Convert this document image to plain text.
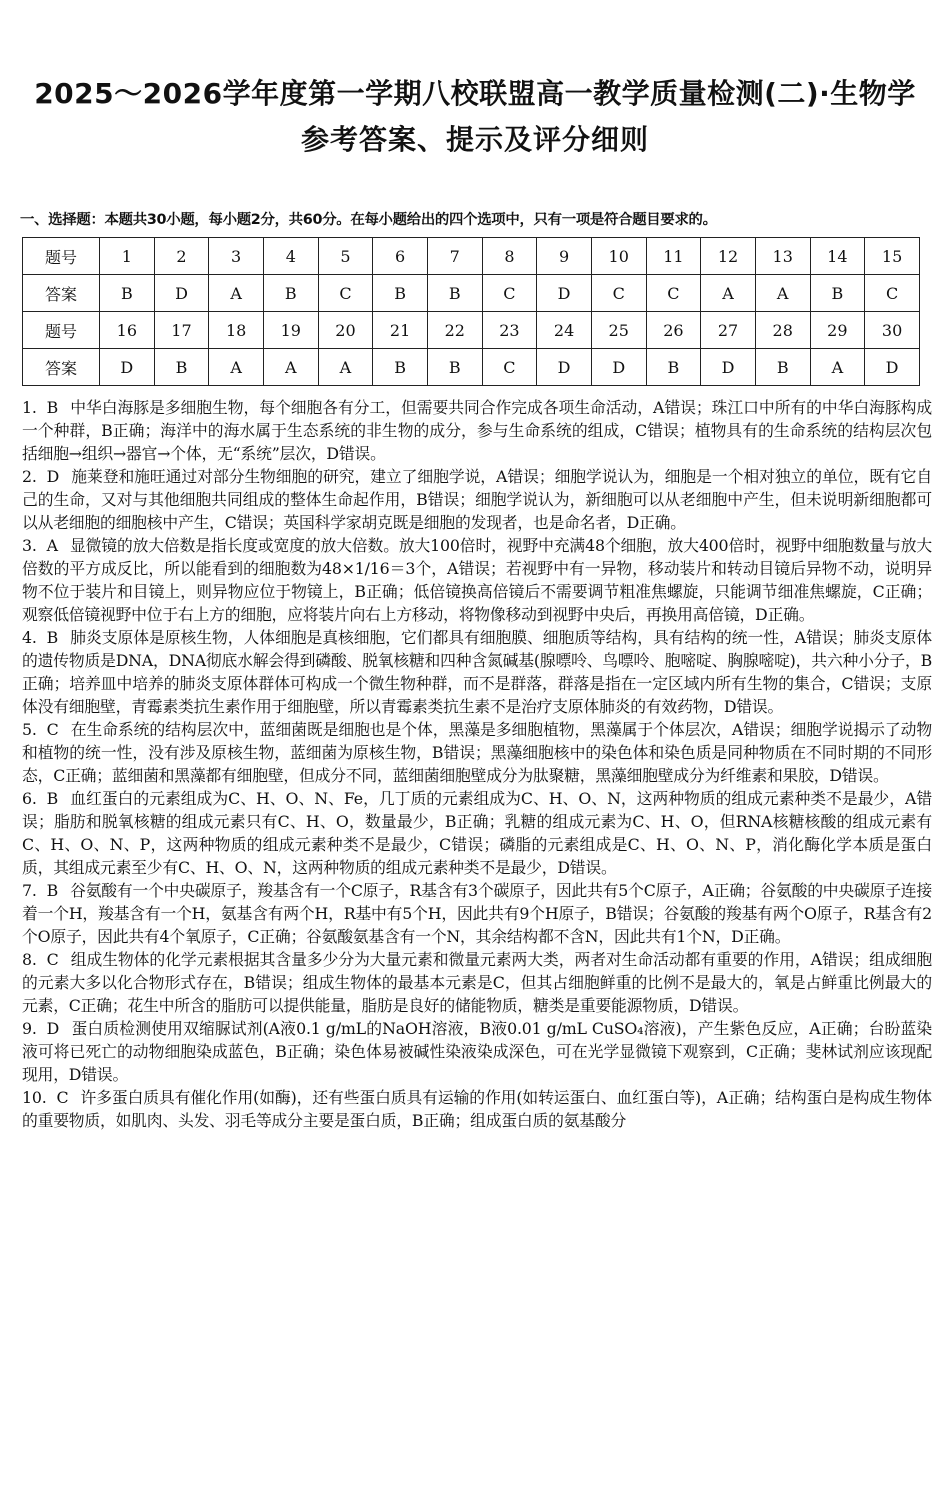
2025～2026学年度第一学期八校联盟高一教学质量检测(二)·生物学
参考答案、提示及评分细则
一、选择题：本题共30小题，每小题2分，共60分。在每小题给出的四个选项中，只有一项是符合题目要求的。
题号	1	2	3	4	5	6	7	8	9	10	11	12	13	14	15
答案	B	D	A	B	C	B	B	C	D	C	C	A	A	B	C
题号	16	17	18	19	20	21	22	23	24	25	26	27	28	29	30
答案	D	B	A	A	A	B	B	C	D	D	B	D	B	A	D

1. B 中华白海豚是多细胞生物，每个细胞各有分工，但需要共同合作完成各项生命活动，A错误；珠江口中所有的中华白海豚构成一个种群，B正确；海洋中的海水属于生态系统的非生物的成分，参与生命系统的组成，C错误；植物具有的生命系统的结构层次包括细胞→组织→器官→个体，无“系统”层次，D错误。

2. D 施莱登和施旺通过对部分生物细胞的研究，建立了细胞学说，A错误；细胞学说认为，细胞是一个相对独立的单位，既有它自己的生命，又对与其他细胞共同组成的整体生命起作用，B错误；细胞学说认为，新细胞可以从老细胞中产生，但未说明新细胞都可以从老细胞的细胞核中产生，C错误；英国科学家胡克既是细胞的发现者，也是命名者，D正确。

3. A 显微镜的放大倍数是指长度或宽度的放大倍数。放大100倍时，视野中充满48个细胞，放大400倍时，视野中细胞数量与放大倍数的平方成反比，所以能看到的细胞数为48×1/16＝3个，A错误；若视野中有一异物，移动装片和转动目镜后异物不动，说明异物不位于装片和目镜上，则异物应位于物镜上，B正确；低倍镜换高倍镜后不需要调节粗准焦螺旋，只能调节细准焦螺旋，C正确；观察低倍镜视野中位于右上方的细胞，应将装片向右上方移动，将物像移动到视野中央后，再换用高倍镜，D正确。

4. B 肺炎支原体是原核生物，人体细胞是真核细胞，它们都具有细胞膜、细胞质等结构，具有结构的统一性，A错误；肺炎支原体的遗传物质是DNA，DNA彻底水解会得到磷酸、脱氧核糖和四种含氮碱基(腺嘌呤、鸟嘌呤、胞嘧啶、胸腺嘧啶)，共六种小分子，B正确；培养皿中培养的肺炎支原体群体可构成一个微生物种群，而不是群落，群落是指在一定区域内所有生物的集合，C错误；支原体没有细胞壁，青霉素类抗生素作用于细胞壁，所以青霉素类抗生素不是治疗支原体肺炎的有效药物，D错误。

5. C 在生命系统的结构层次中，蓝细菌既是细胞也是个体，黑藻是多细胞植物，黑藻属于个体层次，A错误；细胞学说揭示了动物和植物的统一性，没有涉及原核生物，蓝细菌为原核生物，B错误；黑藻细胞核中的染色体和染色质是同种物质在不同时期的不同形态，C正确；蓝细菌和黑藻都有细胞壁，但成分不同，蓝细菌细胞壁成分为肽聚糖，黑藻细胞壁成分为纤维素和果胶，D错误。

6. B 血红蛋白的元素组成为C、H、O、N、Fe，几丁质的元素组成为C、H、O、N，这两种物质的组成元素种类不是最少，A错误；脂肪和脱氧核糖的组成元素只有C、H、O，数量最少，B正确；乳糖的组成元素为C、H、O，但RNA核糖核酸的组成元素有C、H、O、N、P，这两种物质的组成元素种类不是最少，C错误；磷脂的元素组成是C、H、O、N、P，消化酶化学本质是蛋白质，其组成元素至少有C、H、O、N，这两种物质的组成元素种类不是最少，D错误。

7. B 谷氨酸有一个中央碳原子，羧基含有一个C原子，R基含有3个碳原子，因此共有5个C原子，A正确；谷氨酸的中央碳原子连接着一个H，羧基含有一个H，氨基含有两个H，R基中有5个H，因此共有9个H原子，B错误；谷氨酸的羧基有两个O原子，R基含有2个O原子，因此共有4个氧原子，C正确；谷氨酸氨基含有一个N，其余结构都不含N，因此共有1个N，D正确。

8. C 组成生物体的化学元素根据其含量多少分为大量元素和微量元素两大类，两者对生命活动都有重要的作用，A错误；组成细胞的元素大多以化合物形式存在，B错误；组成生物体的最基本元素是C，但其占细胞鲜重的比例不是最大的，氧是占鲜重比例最大的元素，C正确；花生中所含的脂肪可以提供能量，脂肪是良好的储能物质，糖类是重要能源物质，D错误。

9. D 蛋白质检测使用双缩脲试剂(A液0.1 g/mL的NaOH溶液，B液0.01 g/mL CuSO₄溶液)，产生紫色反应，A正确；台盼蓝染液可将已死亡的动物细胞染成蓝色，B正确；染色体易被碱性染液染成深色，可在光学显微镜下观察到，C正确；斐林试剂应该现配现用，D错误。

10. C 许多蛋白质具有催化作用(如酶)，还有些蛋白质具有运输的作用(如转运蛋白、血红蛋白等)，A正确；结构蛋白是构成生物体的重要物质，如肌肉、头发、羽毛等成分主要是蛋白质，B正确；组成蛋白质的氨基酸分
